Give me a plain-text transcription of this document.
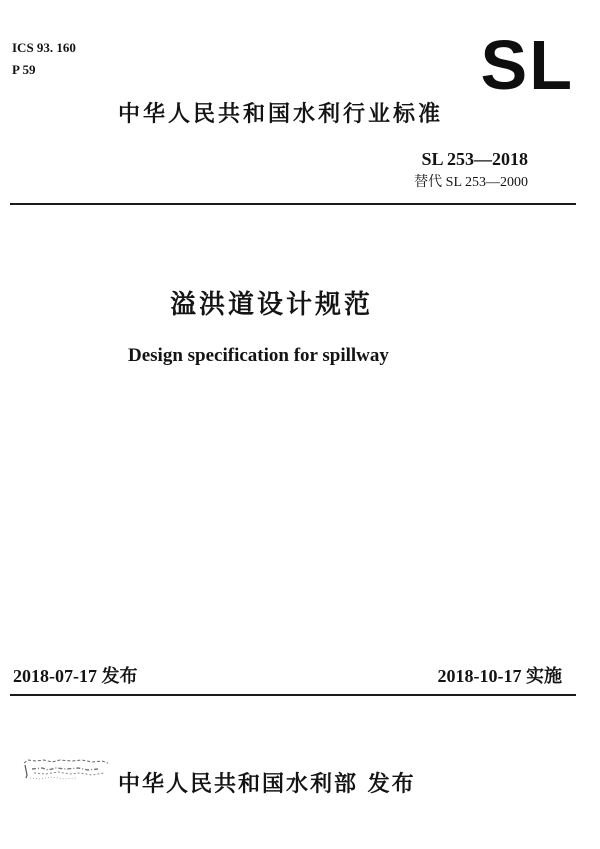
ICS 93. 160
P 59	SL
中华人民共和国水利行业标准
SL 253—2018
替代 SL 253—2000
溢洪道设计规范
Design specification for spillway
2018-07-17 发布	2018-10-17 实施
中华人民共和国水利部 发布
